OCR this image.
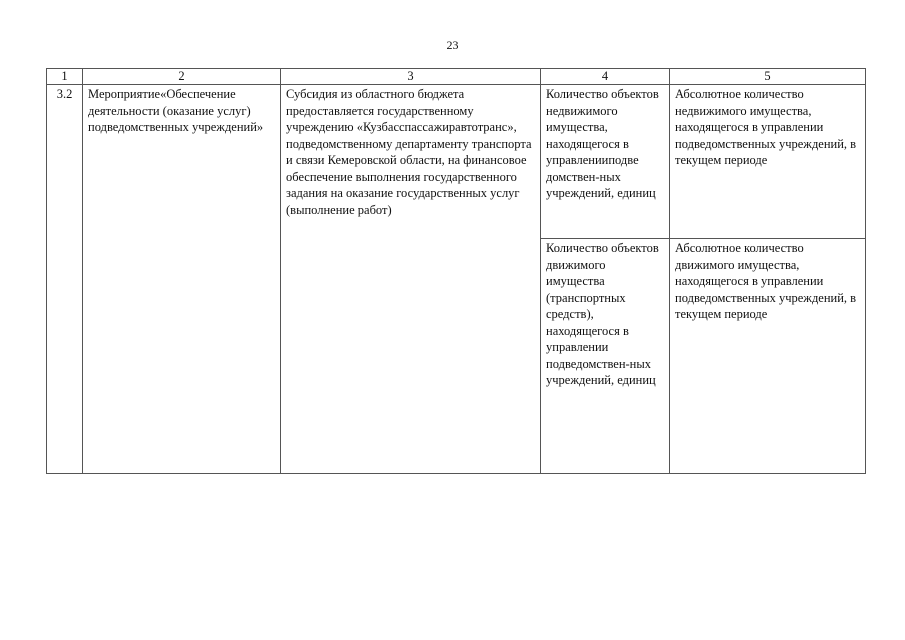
23
1	2	3	4	5
3.2	Мероприятие«Обеспечение деятельности (оказание услуг) подведомственных учреждений»	Субсидия из областного бюджета предоставляется государственному учреждению «Кузбасспассажиравтотранс», подведомственному департаменту транспорта и связи Кемеровской области, на финансовое обеспечение выполнения государственного задания на оказание государственных услуг (выполнение работ)	Количество объектов недвижимого имущества, находящегося в управленииподве домствен-ных учреждений, единиц	Абсолютное количество недвижимого имущества, находящегося в управлении подведомственных учреждений, в текущем периоде
			Количество объектов движимого имущества (транспортных средств), находящегося в управлении подведомствен-ных учреждений, единиц	Абсолютное количество движимого имущества, находящегося в управлении подведомственных учреждений, в текущем периоде
